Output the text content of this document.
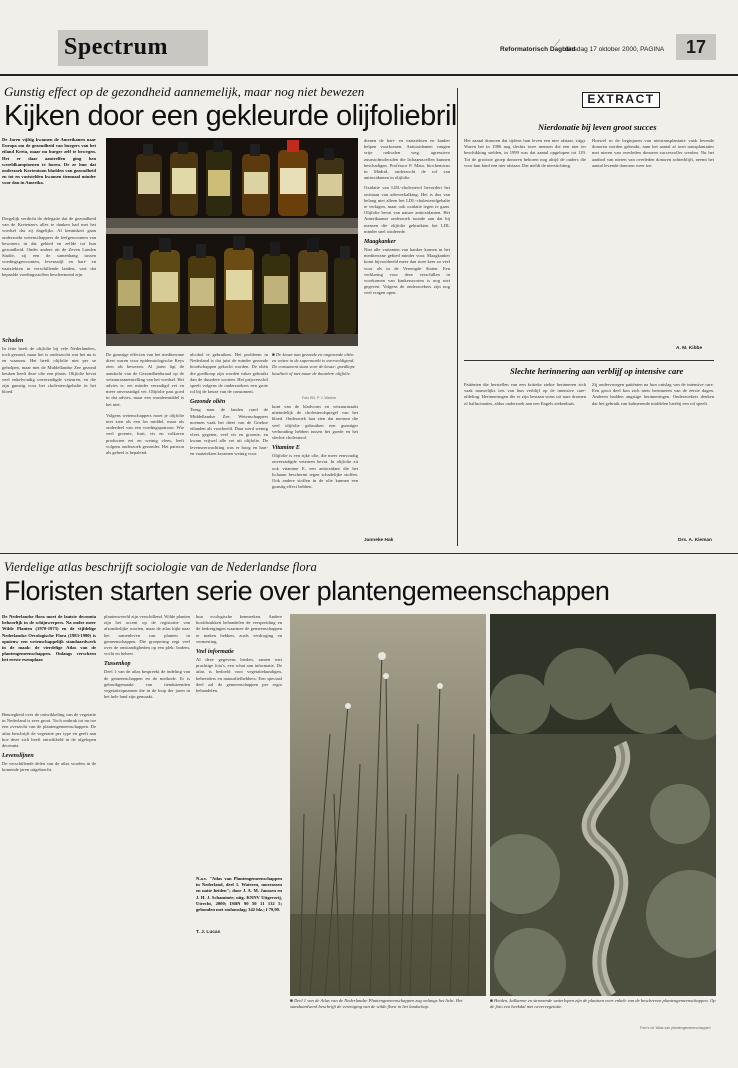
Spectrum	Reformatorisch Dagblad
⁄ dinsdag 17 oktober 2000, PAGINA	17
Gunstig effect op de gezondheid aannemelijk, maar nog niet bewezen
Kijken door een gekleurde olijfoliebril
De Jaren vijftig kwamen de Amerikanen naar Europa om de gezondheid van burgers van het eiland Kreta, maar nu burger zelf te bewegen. Het er daar aantreffen ging hen wereldkampioenen te horen. De ze hun dat onderzoek Kortentoon bladden van gezondheid en tot en vaststelden kwamen tienmaal minder voor dan in Amerika.
Dergelijk verdicht de delegatie dat de gezondheid van de Kretenzers alles te danken had met het voedsel dat zij dagelijks. Al kenniskeit gaan onderzoekt wetenschappers de leefgewoonten van bewoners in dat gebied en zelfde tot hun gezondheid. Onder andere uit de Zeven Landen Studie, zij een de samenhang tussen voedingsgewoonten, levensstijl en hart- en vaatziekten in verschillende landen, vast dat bepaalde voedingsstoffen beschermend zijn.
Schaden
In feite heeft de olijfolie bij vele Nederlanders, toch gezond, maar het is onderzocht wat het nu is en waarom. Het heeft olijfolie niet per se geholpen, maar met de Middellandse Zee gezond keuken heeft deze olie een plaats. Olijfolie bevat veel enkelvoudig onverzadigde vetzuren, en die zijn gunstig voor het cholesterolgehalte in het bloed.
De gunstige effecten van het mediterrane dieet waren voor epidemiologische Keys zien als bewezen. Al jaren ligt de aandacht van de Gezondheidsraad op de vetzuursamenstelling van het voedsel. Het advies is: eet minder verzadigd vet en meer onverzadigd vet. Olijfolie past goed in dat advies, maar een wondermiddel is het niet.
Volgens wetenschappers moet je olijfolie niet zien als een los middel, maar als onderdeel van een voedingspatroon. Wie veel groente, fruit, vis en volkoren producten eet en weinig vlees, leeft volgens onderzoek gezonder. Het patroon als geheel is bepalend.
alcohol te gebruiken. Het probleem in Nederland is dat juist de minder gezonde boodschappen gekocht worden. De oliën die goedkoop zijn worden vaker gebruikt dan de duurdere soorten. Het prijsverschil speelt volgens de onderzoekers een grote rol bij de keuze van de consument.
Gezonde oliën
Terug naar de landen rond de Middellandse Zee. Wetenschappers noemen vaak het dieet van de Griekse eilanden als voorbeeld. Daar werd weinig vlees gegeten, veel vis en groente, en kwam vrijwel alle vet uit olijfolie. De levensverwachting was er hoog en hart- en vaatziekten kwamen weinig voor.
■ De keuze aan gezonde en ongezonde oliën en vetten in de supermarkt is overweldigend. De consument staat voor de keuze: goedkope kwaliteit of met maar de duurdere olijfolie.
Foto RD, P. J. Wacher
kunt van de bladvorm en vetzuurmaakt uiteindelijk de cholesterolspiegel van het bloed. Onderzoek laat zien dat mensen die veel olijfolie gebruiken een gunstiger verhouding hebben tussen het goede en het slechte cholesterol.
Vitamine E
Olijfolie is een rijke olie, die meer eenvoudig onverzadigde vetzuren bevat. In olijfolie zit ook vitamine E, een antioxidant die het lichaam beschermt tegen schadelijke stoffen. Ook andere stoffen in de olie kunnen een gunstig effect hebben.
dienen de hart- en vaatziekten en kanker helpen voorkomen. Antioxidanten vangen vrije radicalen weg, agressieve zuurstofmoleculen die lichaamscellen kunnen beschadigen. Professor P. Mata, biochemicus in Madrid, onderzocht de rol van antioxidanten in olijfolie.
Oxidatie van LDL-cholesterol bevordert het ontstaan van aderverkalking. Het is dus van belang niet alleen het LDL-cholesterolgehalte te verlagen, maar ook oxidatie tegen te gaan. Olijfolie bevat van nature antioxidanten. Het Amerikaanse onderzoek toonde aan dat bij mensen die olijfolie gebruikten het LDL minder snel oxideerde.
Maagkanker
Niet alle varianten van kanker komen in het mediterrane gebied minder voor. Maagkanker komt bijvoorbeeld meer dan twee keer zo veel voor als in de Verenigde Staten. Een verklaring voor deze verschillen in voorkomen van kankersoorten is nog niet gegeven. Volgens de onderzoekers zijn nog veel vragen open.
Janneke Hak
EXTRACT
Nierdonatie bij leven groot succes
Het aantal donoren dat tijdens hun leven een nier afstaat, stijgt. Waren het in 1986 nog slechts twee mensen die een nier ter beschikking stelden, in 1999 was dat aantal opgelopen tot 119. Tot de grootste groep donoren behoren nog altijd de ouders die voor hun kind een nier afstaan. Dat meldt de nierstichting.
Hoewel in de beginjaren van niertransplantatie vaak levende donoren werden gebruikt, nam het aantal af toen transplantaties met nieren van overleden donoren succesvoller werden. Nu het aanbod van nieren van overleden donoren achterblijft, neemt het aantal levende donoren weer toe.
A. M. Kibbe
Slechte herinnering aan verblijf op intensive care
Patiënten die herstellen van een kritieke ziekte herinneren zich vaak nauwelijks iets van hun verblijf op de intensive care-afdeling. Herinneringen die er zijn bestaan soms uit nare dromen of hallucinaties, aldus onderzoek aan een Engels ziekenhuis.
Zij ondervroegen patiënten na hun ontslag van de intensive care. Een groot deel kon zich niets herinneren van de eerste dagen. Anderen hadden angstige herinneringen. Onderzoekers denken dat het gebruik van kalmerende middelen hierbij een rol speelt.
Drs. A. Kieman
Vierdelige atlas beschrijft sociologie van de Nederlandse flora
Floristen starten serie over plantengemeenschappen
De Nederlandse flora moet de laatste decennia behoorlijk in de schijnwerpers. Na onder meer Wilde Planten (1970-1973) en de vijfdelige Nederlandse Oecologische Flora (1983-1990) is opnieuw een wetenschappelijk standaardwerk in de maak: de vierdelige Atlas van de plantengemeenschappen. Onlangs verscheen het eerste exemplaar.
Benoegheid over de ontwikkeling van de vegetatie in Nederland is zeer groot. Toch ontbrak tot nu toe een overzicht van de plantengemeenschappen. De atlas beschrijft de vegetatie per type en geeft aan hoe deze zich heeft ontwikkeld in de afgelopen decennia.
Levenslijnen
De verschillende delen van de atlas worden in de komende jaren uitgebracht.
plantenwereld zijn verschillend. Wilde planten zijn het accent op de registratie van afzonderlijke soorten, maar de atlas kijkt naar het samenleven van planten in gemeenschappen. Die groepering zegt veel over de omstandigheden op een plek: bodem, vocht en beheer.
Tussenkop
Deel 1 van de atlas bespreekt de indeling van de gemeenschappen en de methode. Er is gebruikgemaakt van tienduizenden vegetatieopnamen die in de loop der jaren in het hele land zijn gemaakt.
hun ecologische kenmerken. Andere hoofdstukken behandelen de verspreiding en de bedreigingen waarmee de gemeenschappen te maken hebben, zoals verdroging en vermesting.
Veel informatie
Al deze gegevens bieden, samen met prachtige foto's, een schat aan informatie. De atlas is bedoeld voor vegetatiekundigen, beheerders en natuurliefhebbers. Een speciaal deel zal de gemeenschappen per regio behandelen.
N.a.v. "Atlas van Plantengemeenschappen in Nederland, deel 1. Wateren, moerassen en natte heiden"; door J. A. M. Janssen en J. H. J. Schaminée; uitg. KNNV Uitgeverij, Utrecht, 2000; ISBN 90 50 11 132 5; gebonden met stofomslag; 342 blz.; f 79,90.
T. J. Lucas
■ Deel 1 van de Atlas van de Nederlandse Plantengemeenschappen zag onlangs het licht. Het standaardwerk beschrijft de vereniging van de wilde flora in het landschap.
■ Heiden, kalkarme en stromende waterlopen zijn de plaatsen voor enkele van de beschreven plantengemeenschappen. Op de foto een beekdal met oevervegetatie.
Foto's uit 'Atlas van plantengemeenschappen'
